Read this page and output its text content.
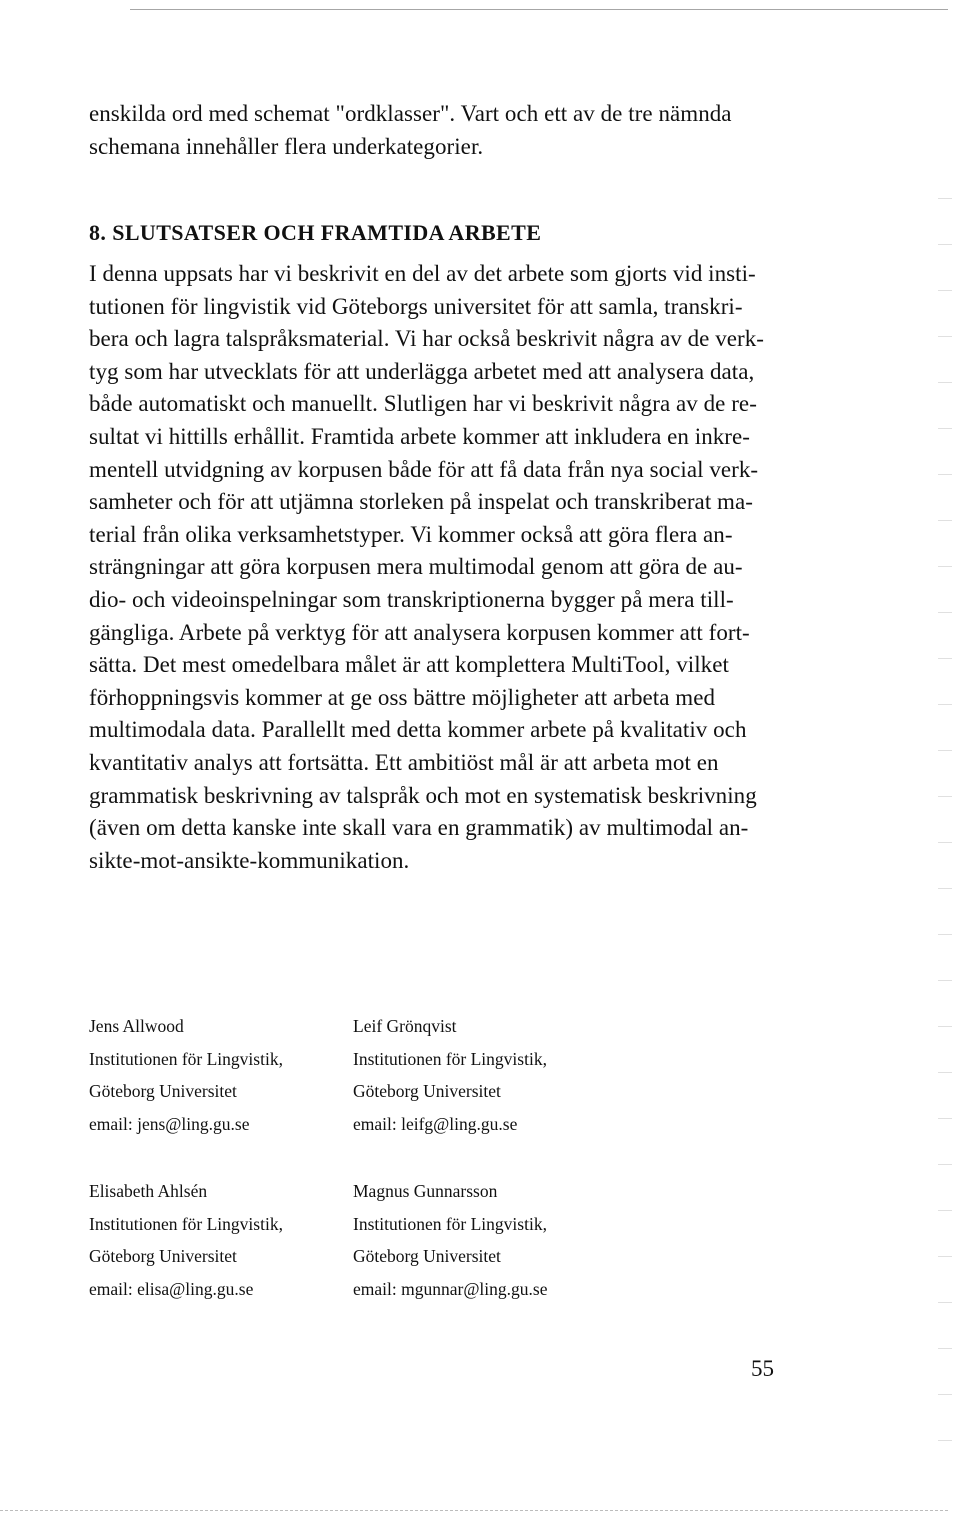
enskilda ord med schemat "ordklasser". Vart och ett av de tre nämnda
schemana innehåller flera underkategorier.

8. SLUTSATSER OCH FRAMTIDA ARBETE

I denna uppsats har vi beskrivit en del av det arbete som gjorts vid insti-
tutionen för lingvistik vid Göteborgs universitet för att samla, transkri-
bera och lagra talspråksmaterial. Vi har också beskrivit några av de verk-
tyg som har utvecklats för att underlägga arbetet med att analysera data,
både automatiskt och manuellt. Slutligen har vi beskrivit några av de re-
sultat vi hittills erhållit. Framtida arbete kommer att inkludera en inkre-
mentell utvidgning av korpusen både för att få data från nya social verk-
samheter och för att utjämna storleken på inspelat och transkriberat ma-
terial från olika verksamhetstyper. Vi kommer också att göra flera an-
strängningar att göra korpusen mera multimodal genom att göra de au-
dio- och videoinspelningar som transkriptionerna bygger på mera till-
gängliga. Arbete på verktyg för att analysera korpusen kommer att fort-
sätta. Det mest omedelbara målet är att komplettera MultiTool, vilket
förhoppningsvis kommer at ge oss bättre möjligheter att arbeta med
multimodala data. Parallellt med detta kommer arbete på kvalitativ och
kvantitativ analys att fortsätta. Ett ambitiöst mål är att arbeta mot en
grammatisk beskrivning av talspråk och mot en systematisk beskrivning
(även om detta kanske inte skall vara en grammatik) av multimodal an-
sikte-mot-ansikte-kommunikation.

Jens Allwood
Institutionen för Lingvistik,
Göteborg Universitet
email: jens@ling.gu.se
Leif Grönqvist
Institutionen för Lingvistik,
Göteborg Universitet
email: leifg@ling.gu.se
Elisabeth Ahlsén
Institutionen för Lingvistik,
Göteborg Universitet
email: elisa@ling.gu.se
Magnus Gunnarsson
Institutionen för Lingvistik,
Göteborg Universitet
email: mgunnar@ling.gu.se
55
